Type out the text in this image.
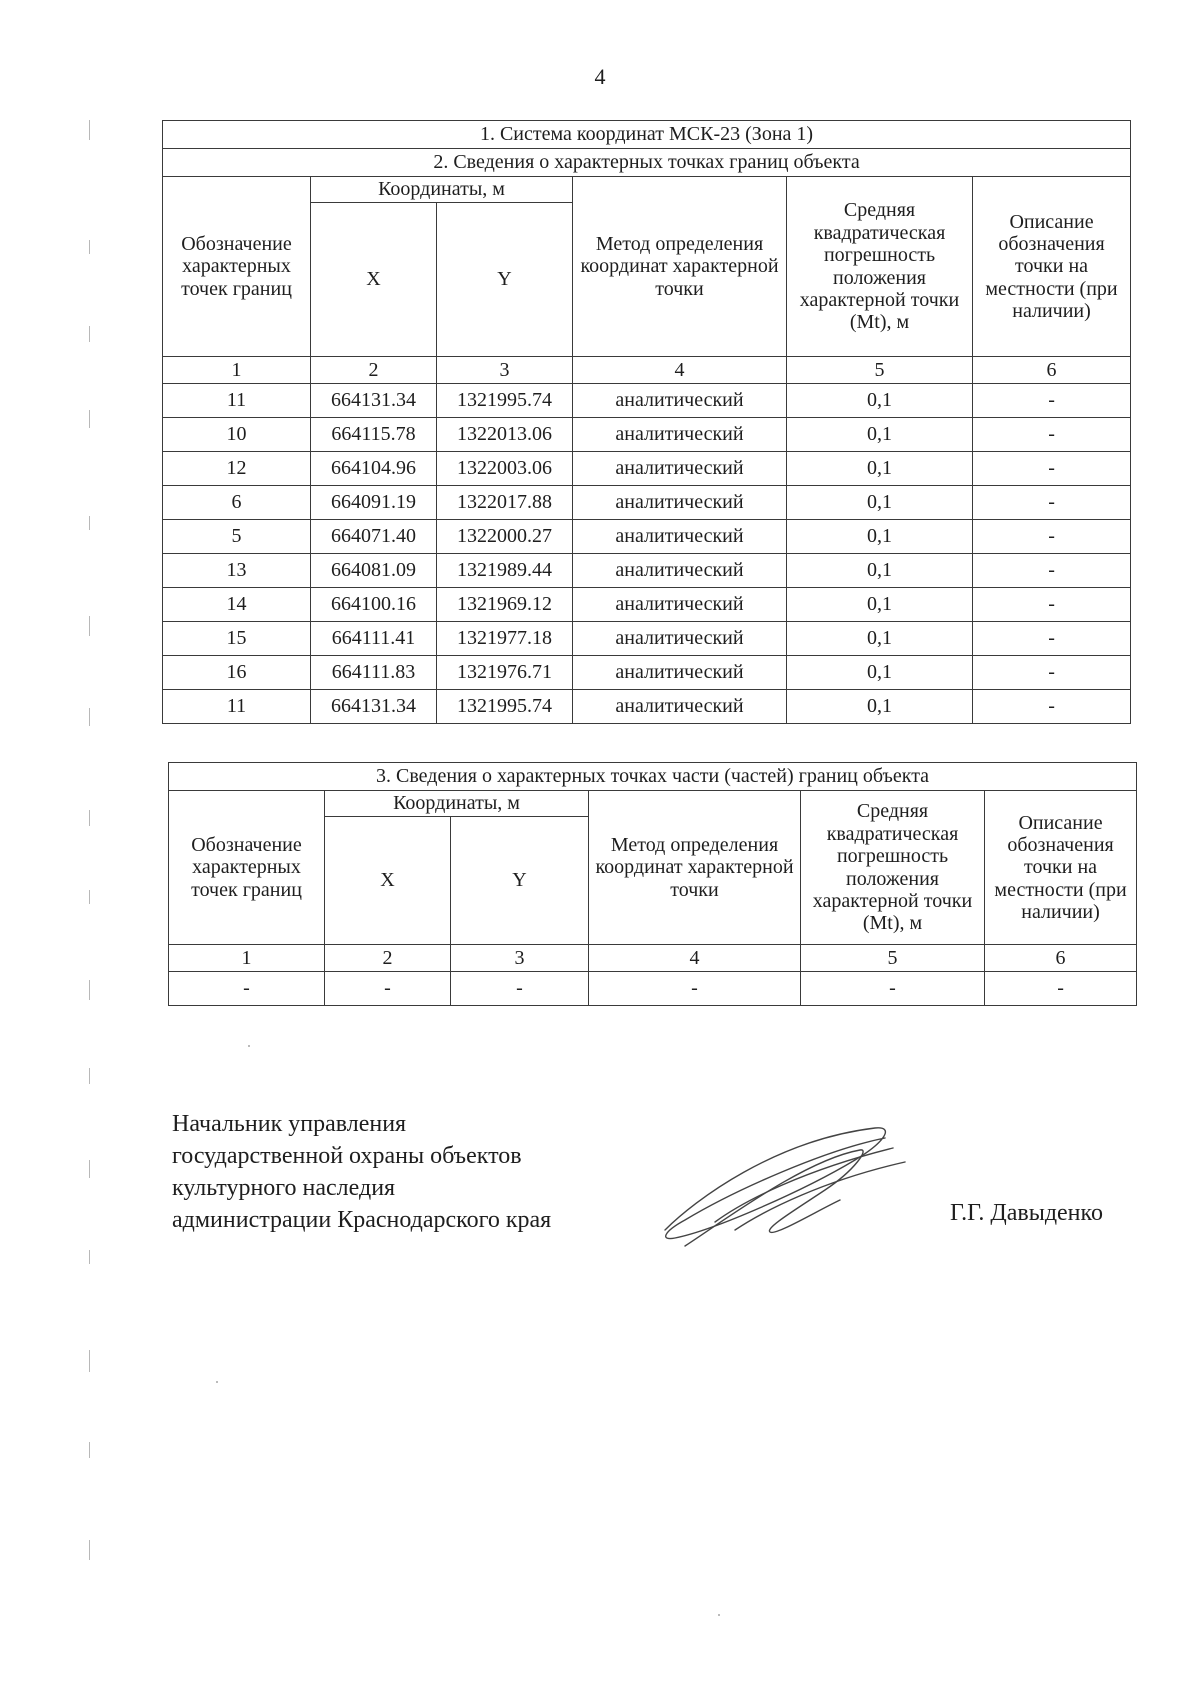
4
1. Система координат МСК-23 (Зона 1)					
2. Сведения о характерных точках границ объекта					
Обозначение характерных точек границ	Координаты, м		Метод определения координат характерной точки	Средняя квадратическая погрешность положения характерной точки (Mt), м	Описание обозначения точки на местности (при наличии)
	X	Y			
1	2	3	4	5	6
11	664131.34	1321995.74	аналитический	0,1	-
10	664115.78	1322013.06	аналитический	0,1	-
12	664104.96	1322003.06	аналитический	0,1	-
6	664091.19	1322017.88	аналитический	0,1	-
5	664071.40	1322000.27	аналитический	0,1	-
13	664081.09	1321989.44	аналитический	0,1	-
14	664100.16	1321969.12	аналитический	0,1	-
15	664111.41	1321977.18	аналитический	0,1	-
16	664111.83	1321976.71	аналитический	0,1	-
11	664131.34	1321995.74	аналитический	0,1	-
3. Сведения о характерных точках части (частей) границ объекта					
Обозначение характерных точек границ	Координаты, м		Метод определения координат характерной точки	Средняя квадратическая погрешность положения характерной точки (Mt), м	Описание обозначения точки на местности (при наличии)
	X	Y			
1	2	3	4	5	6
-	-	-	-	-	-
Начальник управления
государственной охраны объектов
культурного наследия
администрации Краснодарского края	Г.Г. Давыденко
